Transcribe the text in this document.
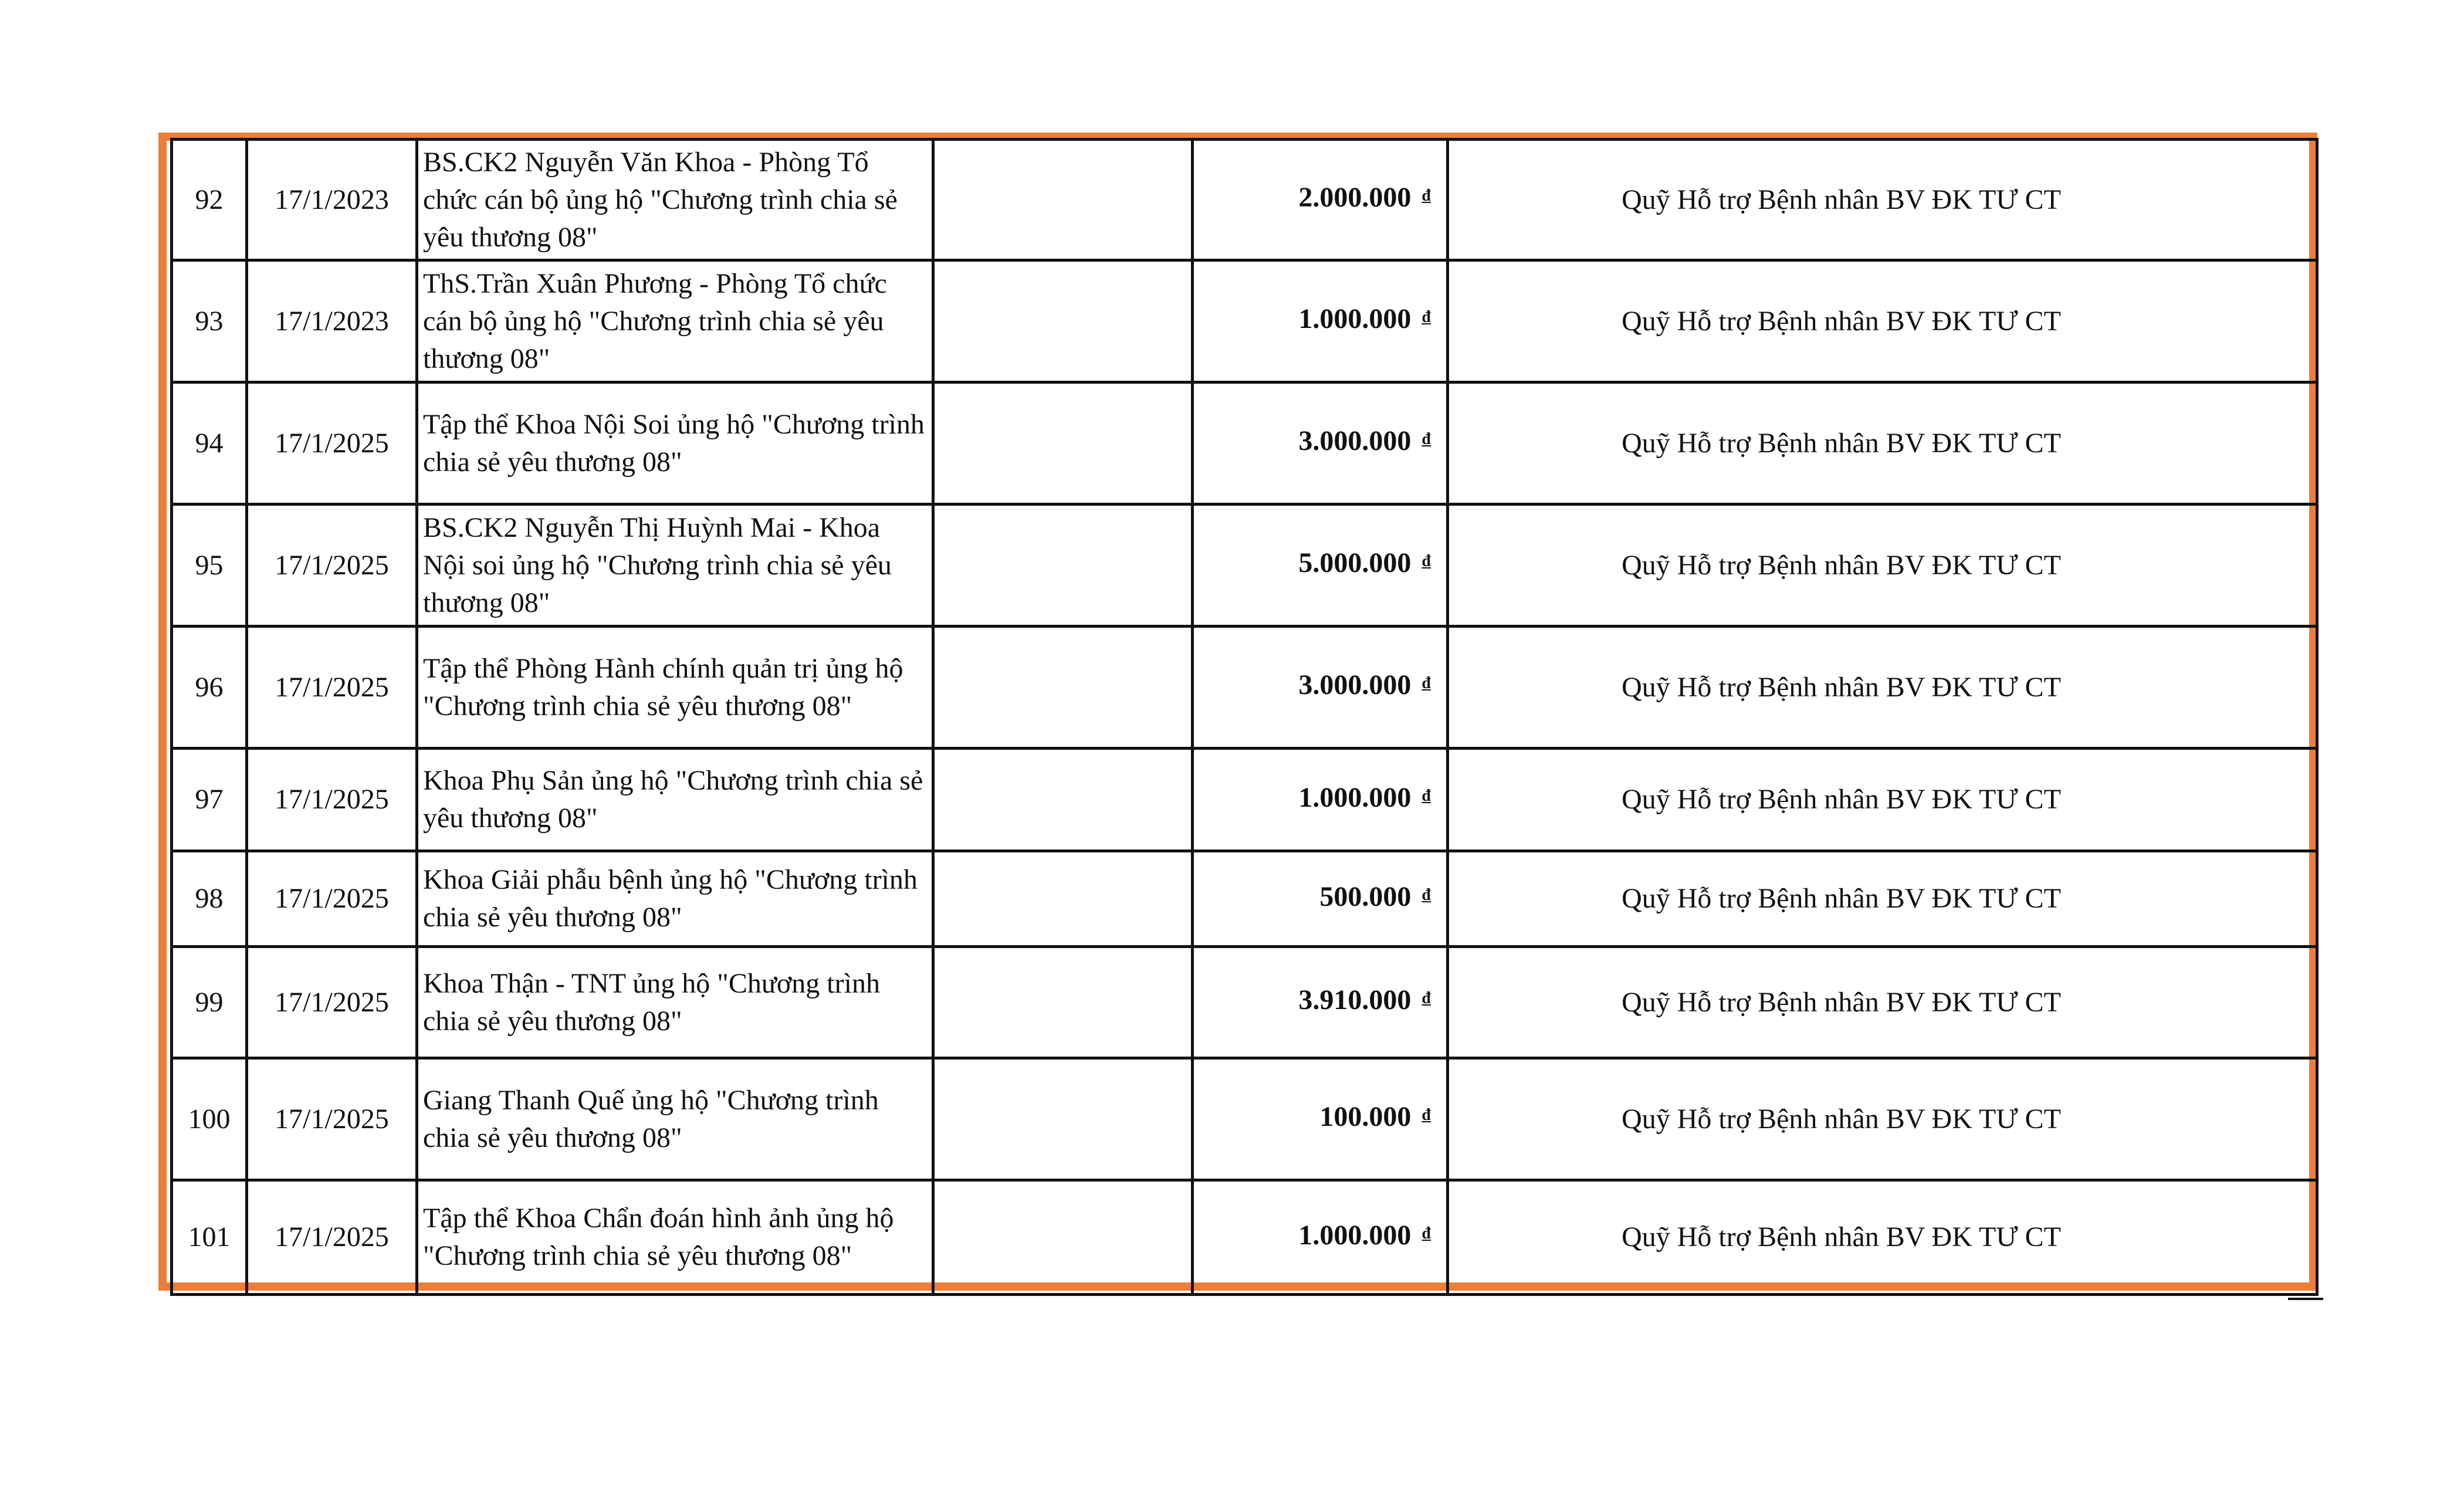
92	17/1/2023	BS.CK2 Nguyễn Văn Khoa - Phòng Tổ chức cán bộ ủng hộ "Chương trình chia sẻ yêu thương 08"		2.000.000 $^đ$	Quỹ Hỗ trợ Bệnh nhân BV ĐK TƯ CT
93	17/1/2023	ThS.Trần Xuân Phương - Phòng Tổ chức cán bộ ủng hộ "Chương trình chia sẻ yêu thương 08"		1.000.000 $^đ$	Quỹ Hỗ trợ Bệnh nhân BV ĐK TƯ CT
94	17/1/2025	Tập thể Khoa Nội Soi ủng hộ "Chương trình chia sẻ yêu thương 08"		3.000.000 $^đ$	Quỹ Hỗ trợ Bệnh nhân BV ĐK TƯ CT
95	17/1/2025	BS.CK2 Nguyễn Thị Huỳnh Mai - Khoa Nội soi ủng hộ "Chương trình chia sẻ yêu thương 08"		5.000.000 $^đ$	Quỹ Hỗ trợ Bệnh nhân BV ĐK TƯ CT
96	17/1/2025	Tập thể Phòng Hành chính quản trị ủng hộ "Chương trình chia sẻ yêu thương 08"		3.000.000 $^đ$	Quỹ Hỗ trợ Bệnh nhân BV ĐK TƯ CT
97	17/1/2025	Khoa Phụ Sản ủng hộ "Chương trình chia sẻ yêu thương 08"		1.000.000 $^đ$	Quỹ Hỗ trợ Bệnh nhân BV ĐK TƯ CT
98	17/1/2025	Khoa Giải phẫu bệnh ủng hộ "Chương trình chia sẻ yêu thương 08"		500.000 $^đ$	Quỹ Hỗ trợ Bệnh nhân BV ĐK TƯ CT
99	17/1/2025	Khoa Thận - TNT ủng hộ "Chương trình chia sẻ yêu thương 08"		3.910.000 $^đ$	Quỹ Hỗ trợ Bệnh nhân BV ĐK TƯ CT
100	17/1/2025	Giang Thanh Quế ủng hộ "Chương trình chia sẻ yêu thương 08"		100.000 $^đ$	Quỹ Hỗ trợ Bệnh nhân BV ĐK TƯ CT
101	17/1/2025	Tập thể Khoa Chẩn đoán hình ảnh ủng hộ "Chương trình chia sẻ yêu thương 08"		1.000.000 $^đ$	Quỹ Hỗ trợ Bệnh nhân BV ĐK TƯ CT
